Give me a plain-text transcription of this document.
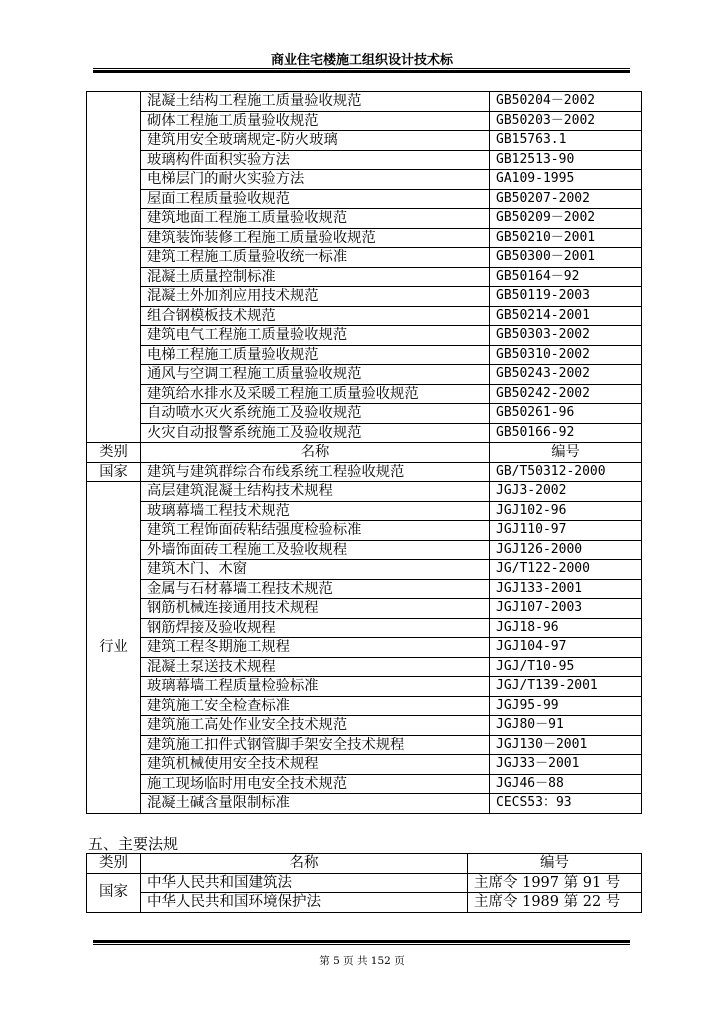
商业住宅楼施工组织设计技术标
	混凝土结构工程施工质量验收规范	GB50204－2002
	砌体工程施工质量验收规范	GB50203－2002
	建筑用安全玻璃规定-防火玻璃	GB15763.1
	玻璃构件面积实验方法	GB12513-90
	电梯层门的耐火实验方法	GA109-1995
	屋面工程质量验收规范	GB50207-2002
	建筑地面工程施工质量验收规范	GB50209－2002
	建筑装饰装修工程施工质量验收规范	GB50210－2001
	建筑工程施工质量验收统一标准	GB50300－2001
	混凝土质量控制标准	GB50164－92
	混凝土外加剂应用技术规范	GB50119-2003
	组合钢模板技术规范	GB50214-2001
	建筑电气工程施工质量验收规范	GB50303-2002
	电梯工程施工质量验收规范	GB50310-2002
	通风与空调工程施工质量验收规范	GB50243-2002
	建筑给水排水及采暖工程施工质量验收规范	GB50242-2002
	自动喷水灭火系统施工及验收规范	GB50261-96
	火灾自动报警系统施工及验收规范	GB50166-92
类别	名称	编号
国家	建筑与建筑群综合布线系统工程验收规范	GB/T50312-2000
行业	高层建筑混凝土结构技术规程	JGJ3-2002
	玻璃幕墙工程技术规范	JGJ102-96
	建筑工程饰面砖粘结强度检验标准	JGJ110-97
	外墙饰面砖工程施工及验收规程	JGJ126-2000
	建筑木门、木窗	JG/T122-2000
	金属与石材幕墙工程技术规范	JGJ133-2001
	钢筋机械连接通用技术规程	JGJ107-2003
	钢筋焊接及验收规程	JGJ18-96
	建筑工程冬期施工规程	JGJ104-97
	混凝土泵送技术规程	JGJ/T10-95
	玻璃幕墙工程质量检验标准	JGJ/T139-2001
	建筑施工安全检查标准	JGJ95-99
	建筑施工高处作业安全技术规范	JGJ80－91
	建筑施工扣件式钢管脚手架安全技术规程	JGJ130－2001
	建筑机械使用安全技术规程	JGJ33－2001
	施工现场临时用电安全技术规范	JGJ46－88
	混凝土碱含量限制标准	CECS53：93
五、主要法规
类别	名称	编号
国家	中华人民共和国建筑法	主席令 1997 第 91 号
	中华人民共和国环境保护法	主席令 1989 第 22 号
第 5 页 共 152 页
